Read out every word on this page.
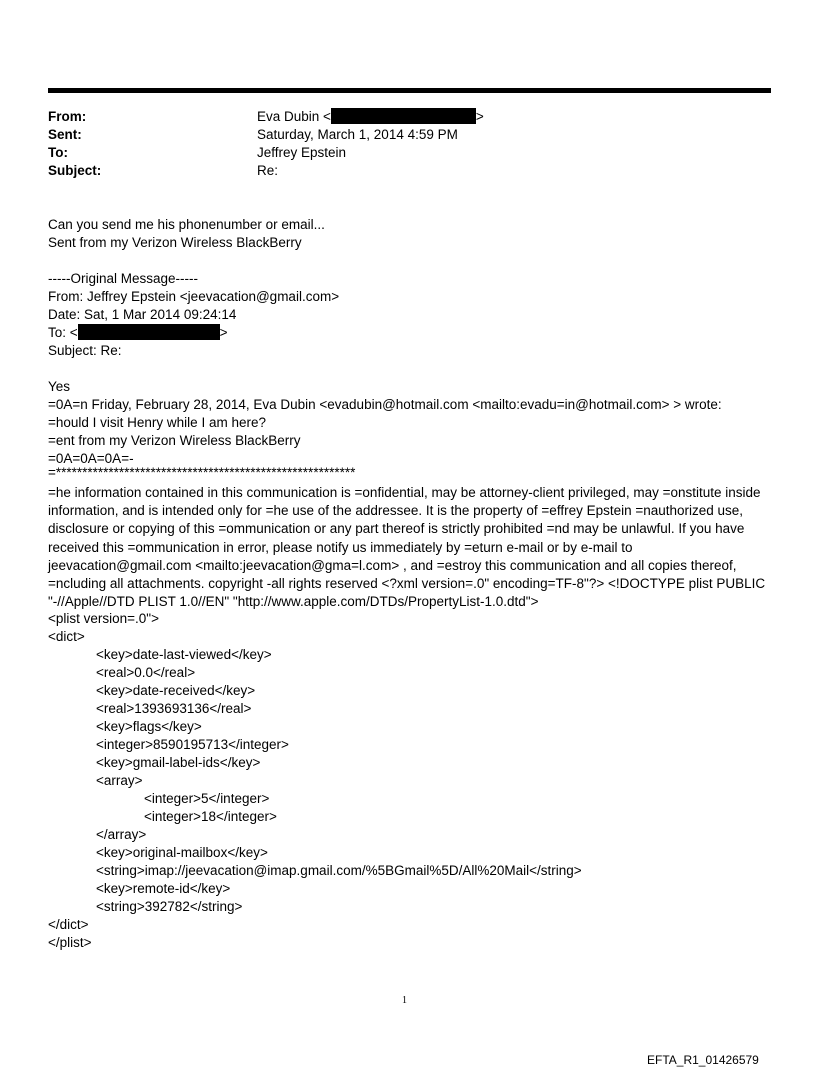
From:	Eva Dubin <	>
Sent:	Saturday, March 1, 2014 4:59 PM
To:	Jeffrey Epstein
Subject:	Re:
Can you send me his phonenumber or email...
Sent from my Verizon Wireless BlackBerry
-----Original Message-----
From: Jeffrey Epstein <jeevacation@gmail.com>
Date: Sat, 1 Mar 2014 09:24:14
To: <	>
Subject: Re:
Yes
=0A=n Friday, February 28, 2014, Eva Dubin <evadubin@hotmail.com <mailto:evadu=in@hotmail.com> > wrote:
=hould I visit Henry while I am here?
=ent from my Verizon Wireless BlackBerry
=0A=0A=0A=-
=*********************************************************
=he information contained in this communication is =onfidential, may be attorney-client privileged, may =onstitute inside information, and is intended only for =he use of the addressee. It is the property of =effrey Epstein =nauthorized use, disclosure or copying of this =ommunication or any part thereof is strictly prohibited =nd may be unlawful. If you have received this =ommunication in error, please notify us immediately by =eturn e-mail or by e-mail to jeevacation@gmail.com <mailto:jeevacation@gma=l.com> , and =estroy this communication and all copies thereof, =ncluding all attachments. copyright -all rights reserved <?xml version=.0" encoding=TF-8"?> <!DOCTYPE plist PUBLIC "-//Apple//DTD PLIST 1.0//EN" "http://www.apple.com/DTDs/PropertyList-1.0.dtd">
<plist version=.0">
<dict>
<key>date-last-viewed</key>
<real>0.0</real>
<key>date-received</key>
<real>1393693136</real>
<key>flags</key>
<integer>8590195713</integer>
<key>gmail-label-ids</key>
<array>
<integer>5</integer>
<integer>18</integer>
</array>
<key>original-mailbox</key>
<string>imap://jeevacation@imap.gmail.com/%5BGmail%5D/All%20Mail</string>
<key>remote-id</key>
<string>392782</string>
</dict>
</plist>
1
EFTA_R1_01426579
